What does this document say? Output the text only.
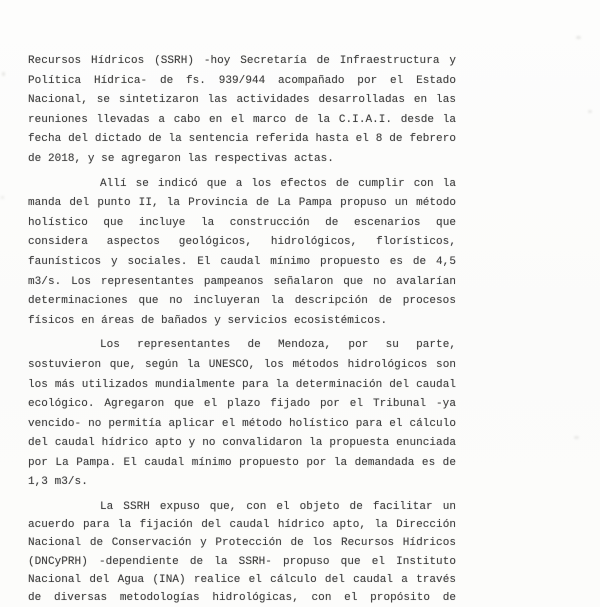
Recursos Hídricos (SSRH) -hoy Secretaría de Infraestructura y
Política Hídrica- de fs. 939/944 acompañado por el Estado
Nacional, se sintetizaron las actividades desarrolladas en las
reuniones llevadas a cabo en el marco de la C.I.A.I. desde la
fecha del dictado de la sentencia referida hasta el 8 de febrero
de 2018, y se agregaron las respectivas actas.

Allí se indicó que a los efectos de cumplir con la
manda del punto II, la Provincia de La Pampa propuso un método
holístico que incluye la construcción de escenarios que
considera aspectos geológicos, hidrológicos, florísticos,
faunísticos y sociales. El caudal mínimo propuesto es de 4,5
m3/s. Los representantes pampeanos señalaron que no avalarían
determinaciones que no incluyeran la descripción de procesos
físicos en áreas de bañados y servicios ecosistémicos.

Los representantes de Mendoza, por su parte,
sostuvieron que, según la UNESCO, los métodos hidrológicos son
los más utilizados mundialmente para la determinación del caudal
ecológico. Agregaron que el plazo fijado por el Tribunal -ya
vencido- no permitía aplicar el método holístico para el cálculo
del caudal hídrico apto y no convalidaron la propuesta enunciada
por La Pampa. El caudal mínimo propuesto por la demandada es de
1,3 m3/s.

La SSRH expuso que, con el objeto de facilitar un
acuerdo para la fijación del caudal hídrico apto, la Dirección
Nacional de Conservación y Protección de los Recursos Hídricos
(DNCyPRH) -dependiente de la SSRH- propuso que el Instituto
Nacional del Agua (INA) realice el cálculo del caudal a través
de diversas metodologías hidrológicas, con el propósito de
